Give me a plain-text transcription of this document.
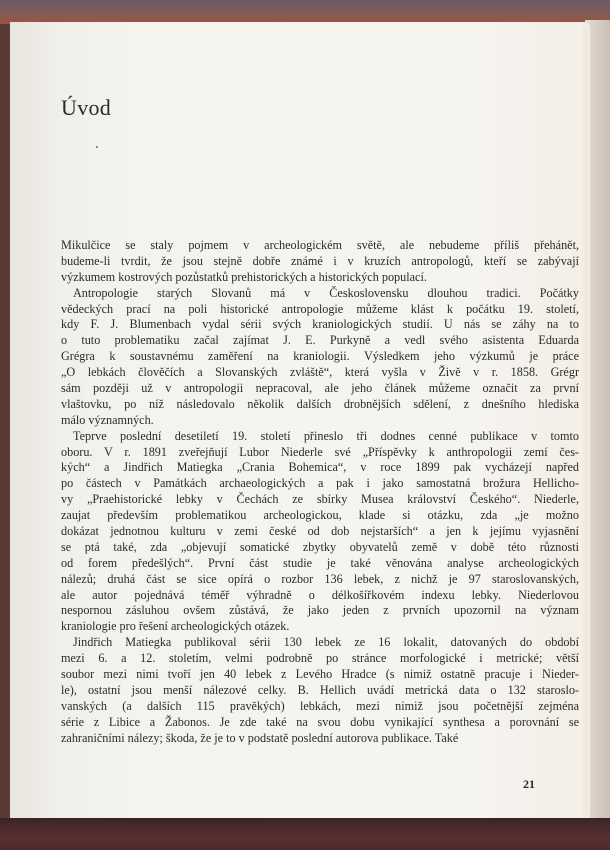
Úvod
Mikulčice se staly pojmem v archeologickém světě, ale nebudeme příliš přehánět,
budeme-li tvrdit, že jsou stejně dobře známé i v kruzích antropologů, kteří se zabývají
výzkumem kostrových pozůstatků prehistorických a historických populací.
Antropologie starých Slovanů má v Československu dlouhou tradici. Počátky
vědeckých prací na poli historické antropologie můžeme klást k počátku 19. století,
kdy F. J. Blumenbach vydal sérii svých kraniologických studií. U nás se záhy na to
o tuto problematiku začal zajímat J. E. Purkyně a vedl svého asistenta Eduarda
Grégra k soustavnému zaměření na kraniologii. Výsledkem jeho výzkumů je práce
„O lebkách člověčích a Slovanských zvláště“, která vyšla v Živě v r. 1858. Grégr
sám později už v antropologii nepracoval, ale jeho článek můžeme označit za první
vlaštovku, po níž následovalo několik dalších drobnějších sdělení, z dnešního hlediska
málo významných.
Teprve poslední desetiletí 19. století přineslo tři dodnes cenné publikace v tomto
oboru. V r. 1891 zveřejňují Lubor Niederle své „Příspěvky k anthropologii zemí čes-
kých“ a Jindřich Matiegka „Crania Bohemica“, v roce 1899 pak vycházejí napřed
po částech v Památkách archaeologických a pak i jako samostatná brožura Hellicho-
vy „Praehistorické lebky v Čechách ze sbírky Musea království Českého“. Niederle,
zaujat především problematikou archeologickou, klade si otázku, zda „je možno
dokázat jednotnou kulturu v zemi české od dob nejstarších“ a jen k jejímu vyjasnění
se ptá také, zda „objevují somatické zbytky obyvatelů země v době této různosti
od forem předešlých“. První část studie je také věnována analyse archeologických
nálezů; druhá část se sice opírá o rozbor 136 lebek, z nichž je 97 staroslovanských,
ale autor pojednává téměř výhradně o délkošířkovém indexu lebky. Niederlovou
nespornou zásluhou ovšem zůstává, že jako jeden z prvních upozornil na význam
kraniologie pro řešení archeologických otázek.
Jindřich Matiegka publikoval sérii 130 lebek ze 16 lokalit, datovaných do období
mezi 6. a 12. stoletím, velmi podrobně po stránce morfologické i metrické; větší
soubor mezi nimi tvoří jen 40 lebek z Levého Hradce (s nimiž ostatně pracuje i Nieder-
le), ostatní jsou menší nálezové celky. B. Hellich uvádí metrická data o 132 staroslo-
vanských (a dalších 115 pravěkých) lebkách, mezi nimiž jsou početnější zejména
série z Libice a Žabonos. Je zde také na svou dobu vynikající synthesa a porovnání se
zahraničními nálezy; škoda, že je to v podstatě poslední autorova publikace. Také
21
